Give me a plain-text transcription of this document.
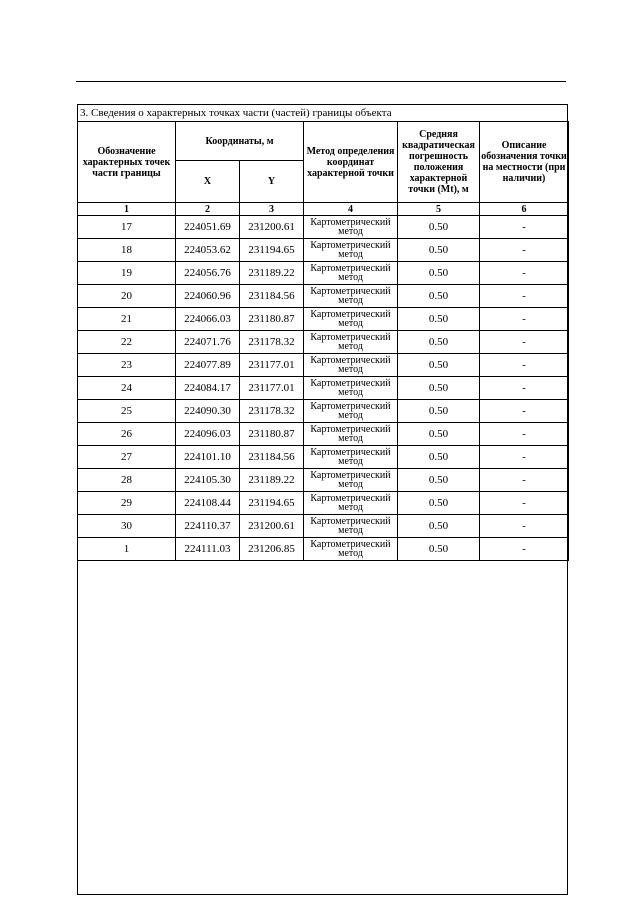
3. Сведения о характерных точках части (частей) границы объекта
Обозначение характерных точек части границы	Координаты, м		Метод определения координат характерной точки	Средняя квадратическая погрешность положения характерной точки (Mt), м	Описание обозначения точки на местности (при наличии)
	X	Y			
1	2	3	4	5	6
17	224051.69	231200.61	Картометрический метод	0.50	-
18	224053.62	231194.65	Картометрический метод	0.50	-
19	224056.76	231189.22	Картометрический метод	0.50	-
20	224060.96	231184.56	Картометрический метод	0.50	-
21	224066.03	231180.87	Картометрический метод	0.50	-
22	224071.76	231178.32	Картометрический метод	0.50	-
23	224077.89	231177.01	Картометрический метод	0.50	-
24	224084.17	231177.01	Картометрический метод	0.50	-
25	224090.30	231178.32	Картометрический метод	0.50	-
26	224096.03	231180.87	Картометрический метод	0.50	-
27	224101.10	231184.56	Картометрический метод	0.50	-
28	224105.30	231189.22	Картометрический метод	0.50	-
29	224108.44	231194.65	Картометрический метод	0.50	-
30	224110.37	231200.61	Картометрический метод	0.50	-
1	224111.03	231206.85	Картометрический метод	0.50	-
